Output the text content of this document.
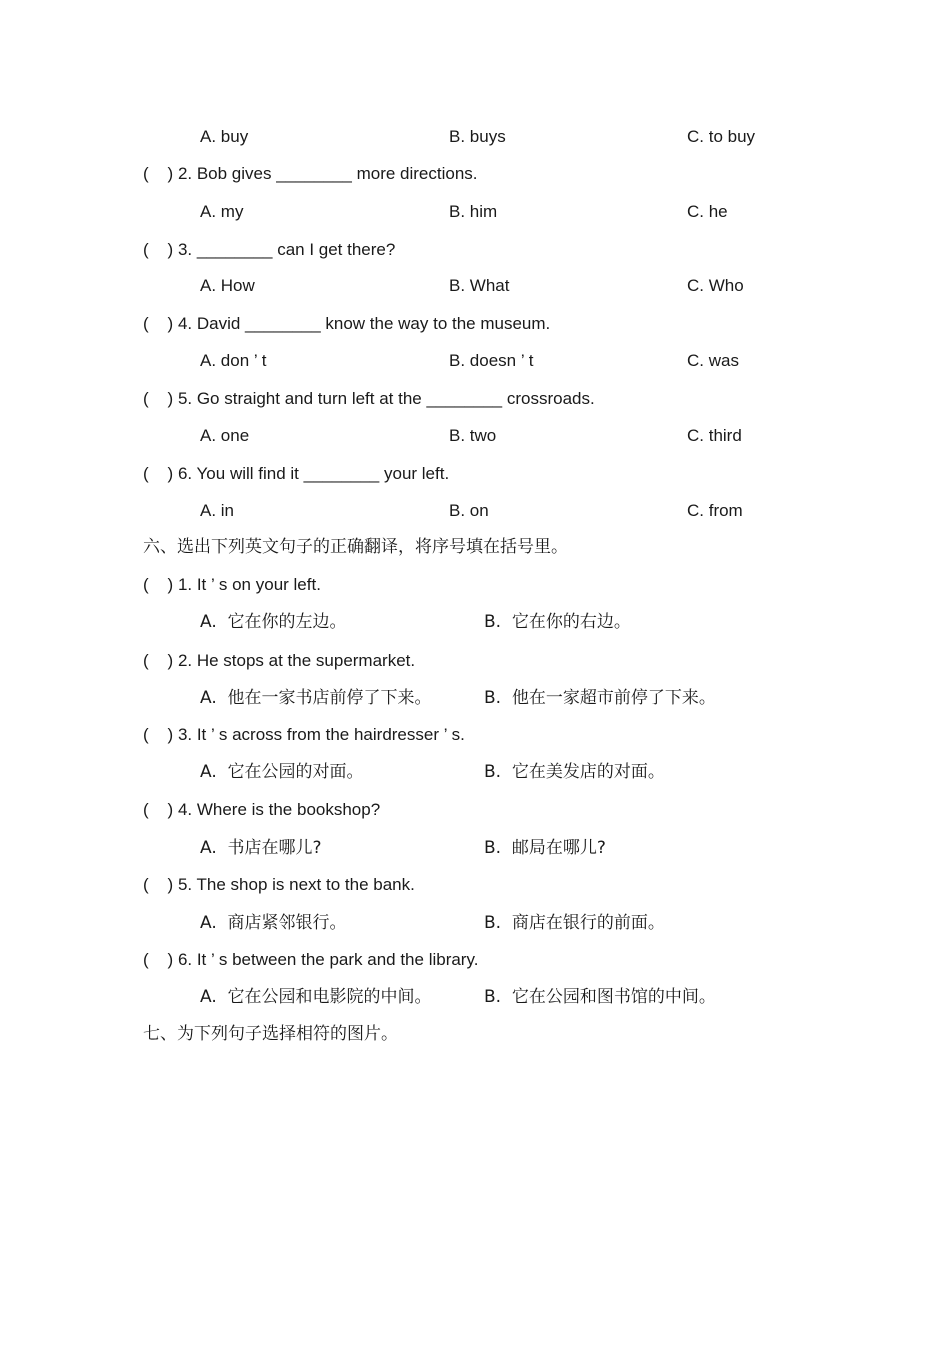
A. buy	B. buys	C. to buy
(    ) 2. Bob gives ________ more directions.
A. my	B. him	C. he
(    ) 3. ________ can I get there?
A. How	B. What	C. Who
(    ) 4. David ________ know the way to the museum.
A. don ’ t	B. doesn ’ t	C. was
(    ) 5. Go straight and turn left at the ________ crossroads.
A. one	B. two	C. third
(    ) 6. You will find it ________ your left.
A. in	B. on	C. from
六、选出下列英文句子的正确翻译，将序号填在括号里。
(    ) 1. It ’ s on your left.
A.  它在你的左边。	B.  它在你的右边。
(    ) 2. He stops at the supermarket.
A.  他在一家书店前停了下来。	B.  他在一家超市前停了下来。
(    ) 3. It ’ s across from the hairdresser ’ s.
A.  它在公园的对面。	B.  它在美发店的对面。
(    ) 4. Where is the bookshop?
A.  书店在哪儿?	B.  邮局在哪儿?
(    ) 5. The shop is next to the bank.
A.  商店紧邻银行。	B.  商店在银行的前面。
(    ) 6. It ’ s between the park and the library.
A.  它在公园和电影院的中间。	B.  它在公园和图书馆的中间。
七、为下列句子选择相符的图片。
